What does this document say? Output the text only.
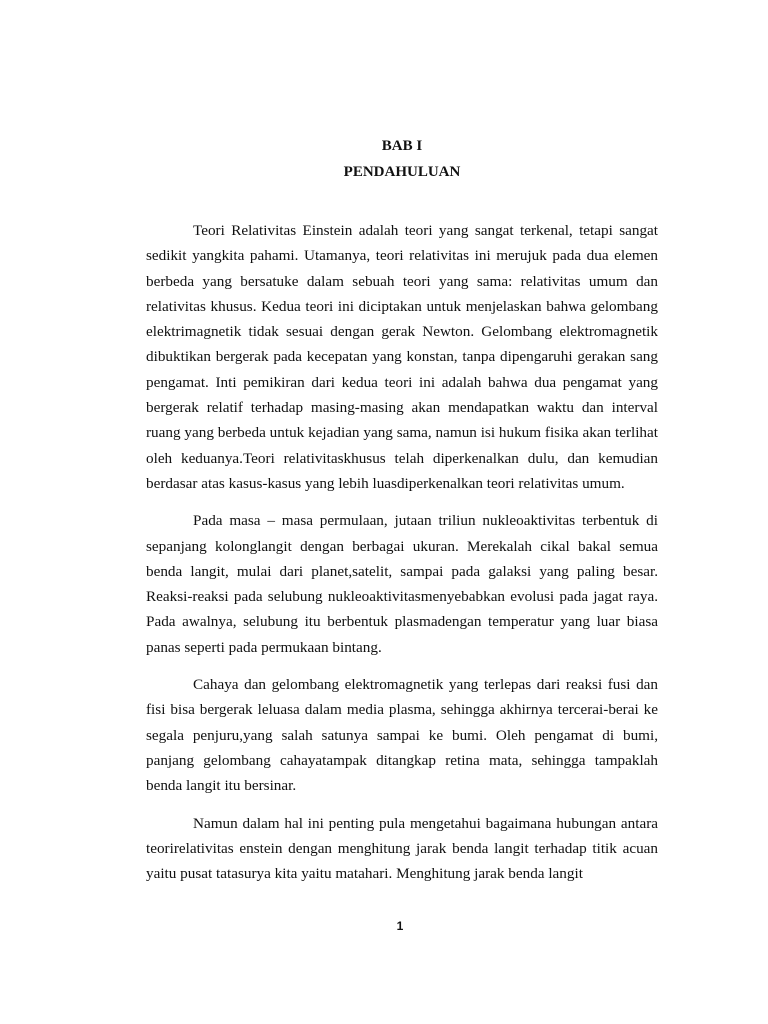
BAB I
PENDAHULUAN

Teori Relativitas Einstein adalah teori yang sangat terkenal, tetapi sangat sedikit yangkita pahami. Utamanya, teori relativitas ini merujuk pada dua elemen berbeda yang bersatuke dalam sebuah teori yang sama: relativitas umum dan relativitas khusus. Kedua teori ini diciptakan untuk menjelaskan bahwa gelombang elektrimagnetik tidak sesuai dengan gerak Newton. Gelombang elektromagnetik dibuktikan bergerak pada kecepatan yang konstan, tanpa dipengaruhi gerakan sang pengamat. Inti pemikiran dari kedua teori ini adalah bahwa dua pengamat yang bergerak relatif terhadap masing-masing akan mendapatkan waktu dan interval ruang yang berbeda untuk kejadian yang sama, namun isi hukum fisika akan terlihat oleh keduanya.Teori relativitaskhusus telah diperkenalkan dulu, dan kemudian berdasar atas kasus-kasus yang lebih luasdiperkenalkan teori relativitas umum.

Pada masa – masa permulaan, jutaan triliun nukleoaktivitas terbentuk di sepanjang kolonglangit dengan berbagai ukuran. Merekalah cikal bakal semua benda langit, mulai dari planet,satelit, sampai pada galaksi yang paling besar. Reaksi-reaksi pada selubung nukleoaktivitasmenyebabkan evolusi pada jagat raya. Pada awalnya, selubung itu berbentuk plasmadengan temperatur yang luar biasa panas seperti pada permukaan bintang.

Cahaya dan gelombang elektromagnetik yang terlepas dari reaksi fusi dan fisi bisa bergerak leluasa dalam media plasma, sehingga akhirnya tercerai-berai ke segala penjuru,yang salah satunya sampai ke bumi. Oleh pengamat di bumi, panjang gelombang cahayatampak ditangkap retina mata, sehingga tampaklah benda langit itu bersinar.

Namun dalam hal ini penting pula mengetahui bagaimana hubungan antara teorirelativitas enstein dengan menghitung jarak benda langit terhadap titik acuan yaitu pusat tatasurya kita yaitu matahari. Menghitung jarak benda langit

1
